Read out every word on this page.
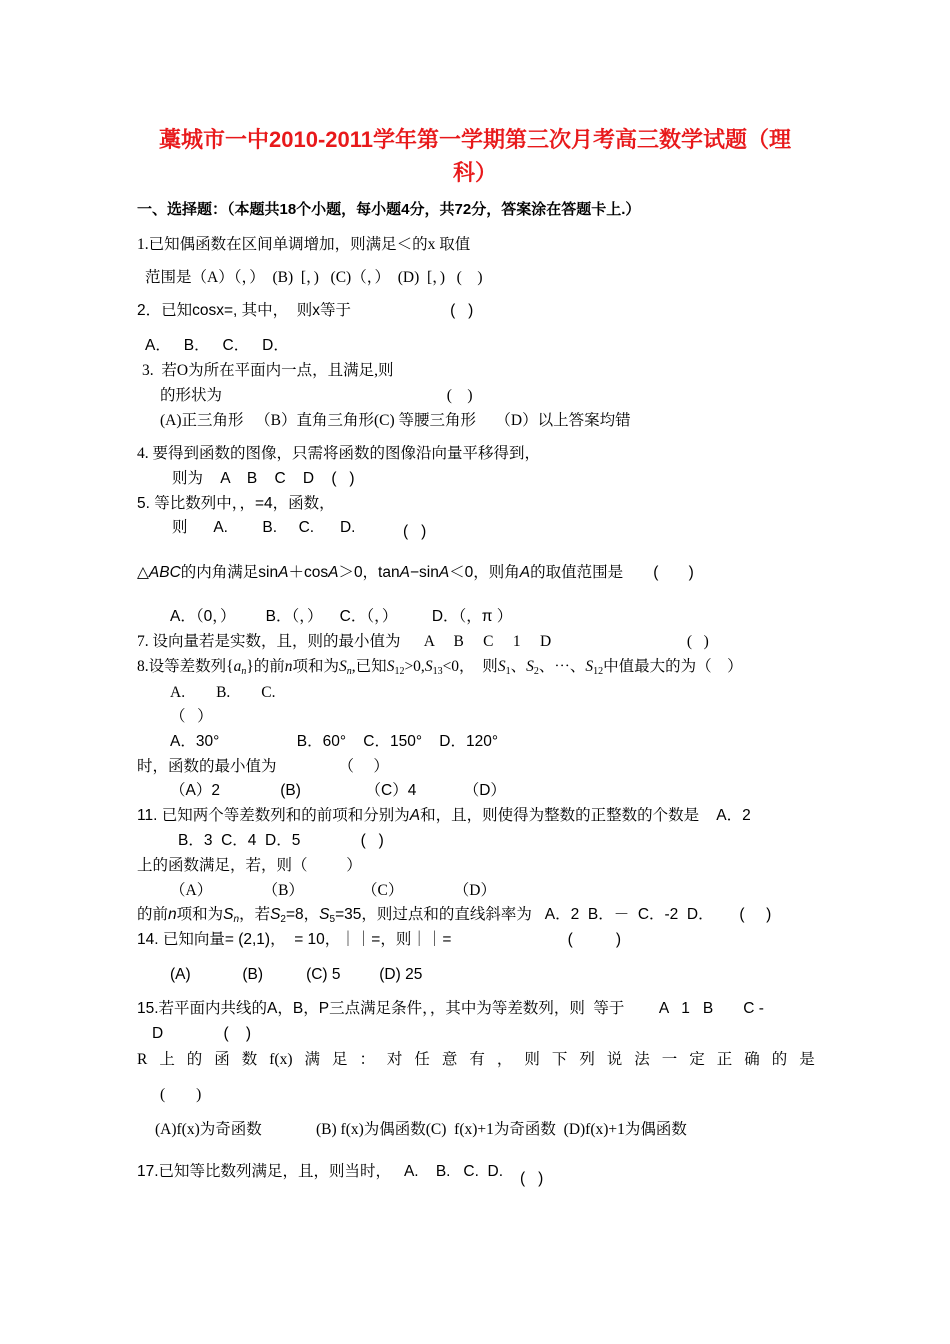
藁城市一中2010-2011学年第一学期第三次月考高三数学试题（理
科）
一、选择题：（本题共18个小题，每小题4分，共72分，答案涂在答题卡上.）
1.已知偶函数在区间单调增加，则满足＜的x 取值
范围是（A）（，）  (B)  [，)   (C)（，）  (D)  [，)   (    )
2．已知cosx=, 其中，  则x等于                       (   )
A．   B．   C．   D．
3.  若O为所在平面内一点，且满足,则
的形状为                                                          (    )
(A)正三角形   （B）直角三角形(C) 等腰三角形     （D）以上答案均错
4. 要得到函数的图像，只需将函数的图像沿向量平移得到，
则为    A    B    C    D    (   )
5. 等比数列中，，=4，函数，
则      A.        B.     C.      D.	(   )
△ABC的内角满足sinA＋cosA＞0，tanA−sinA＜0，则角A的取值范围是       (       )
A．（0，）       B．（，）    C．（，）        D．（，π ）
7. 设向量若是实数，且，则的最小值为      A     B     C     1     D                                   (   )
8.设等差数列$\{a_n\}$的前n项和为$S_n$,已知$S_{12}>0,S_{13}<0$，  则$S_1$、$S_2$、⋯、$S_{12}$中值最大的为（    ）
A.        B.        C.
（   ）
A．30°                  B．60°    C．150°    D．120°
时，函数的最小值为                （     ）
（A）2              (B)               （C）4           （D）
11. 已知两个等差数列和的前项和分别为A和，且，则使得为整数的正整数的个数是    A．2
B．3  C．4  D．5              (   )
上的函数满足，若，则（          ）
（A）             （B）               （C）             （D）
的前n项和为$S_n$，若$S_2=8$，$S_5=35$，则过点和的直线斜率为   A．2  B．－  C．-2  D．      (     )
14. 已知向量= (2,1)，  = 10，｜｜=，则｜｜=                           (          )
(A)            (B)          (C) 5         (D) 25
15.若平面内共线的A，B，P三点满足条件，，其中为等差数列，则  等于        A   1   B       C -
D              (    )
R 上 的 函 数 f(x) 满 足 ： 对 任 意 有 ， 则 下 列 说 法 一 定 正 确 的 是
(        )
(A)f(x)为奇函数              (B) f(x)为偶函数(C)  f(x)+1为奇函数  (D)f(x)+1为偶函数
17.已知等比数列满足，且，则当时，   A.    B.   C.  D. (   )
